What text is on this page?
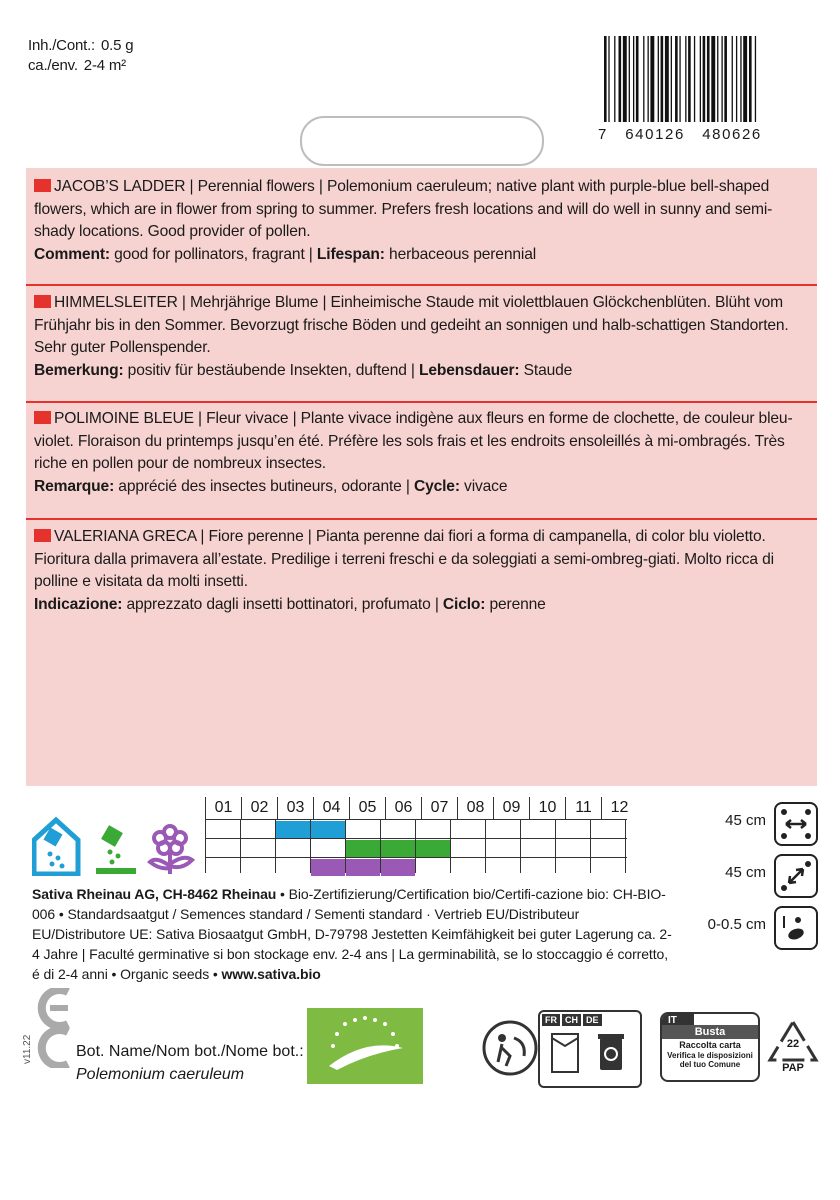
Inh./Cont.: 0.5 g
ca./env. 2-4 m²
7   640126   480626
JACOB’S LADDER | Perennial flowers | Polemonium caeruleum; native plant with purple-blue bell-shaped flowers, which are in flower from spring to summer. Prefers fresh locations and will do well in sunny and semi-shady locations. Good provider of pollen.
Comment: good for pollinators, fragrant | Lifespan: herbaceous perennial
HIMMELSLEITER | Mehrjährige Blume | Einheimische Staude mit violettblauen Glöckchenblüten. Blüht vom Frühjahr bis in den Sommer. Bevorzugt frische Böden und gedeiht an sonnigen und halb-schattigen Standorten. Sehr guter Pollenspender.
Bemerkung: positiv für bestäubende Insekten, duftend | Lebensdauer: Staude
POLIMOINE BLEUE | Fleur vivace | Plante vivace indigène aux fleurs en forme de clochette, de couleur bleu-violet. Floraison du printemps jusqu’en été. Préfère les sols frais et les endroits ensoleillés à mi-ombragés. Très riche en pollen pour de nombreux insectes.
Remarque: apprécié des insectes butineurs, odorante | Cycle: vivace
VALERIANA GRECA | Fiore perenne | Pianta perenne dai fiori a forma di campanella, di color blu violetto. Fioritura dalla primavera all’estate. Predilige i terreni freschi e da soleggiati a semi-ombreg-giati. Molto ricca di polline e visitata da molti insetti.
Indicazione: apprezzato dagli insetti bottinatori, profumato | Ciclo: perenne
01	02	03	04	05	06	07	08	09	10	11	12
45 cm
45 cm
0-0.5 cm
Sativa Rheinau AG, CH-8462 Rheinau • Bio-Zertifizierung/Certification bio/Certifi-cazione bio: CH-BIO-006 • Standardsaatgut / Semences standard / Sementi standard · Vertrieb EU/Distributeur EU/Distributore UE: Sativa Biosaatgut GmbH, D-79798 Jestetten Keimfähigkeit bei guter Lagerung ca. 2-4 Jahre | Faculté germinative si bon stockage env. 2-4 ans | La germinabilità, se lo stoccaggio é corretto, é di 2-4 anni • Organic seeds • www.sativa.bio
v11.22	Bot. Name/Nom bot./Nome bot.:
Polemonium caeruleum
FR CH DE	IT
Busta
Raccolta carta
Verifica le disposizioni del tuo Comune
22
PAP
